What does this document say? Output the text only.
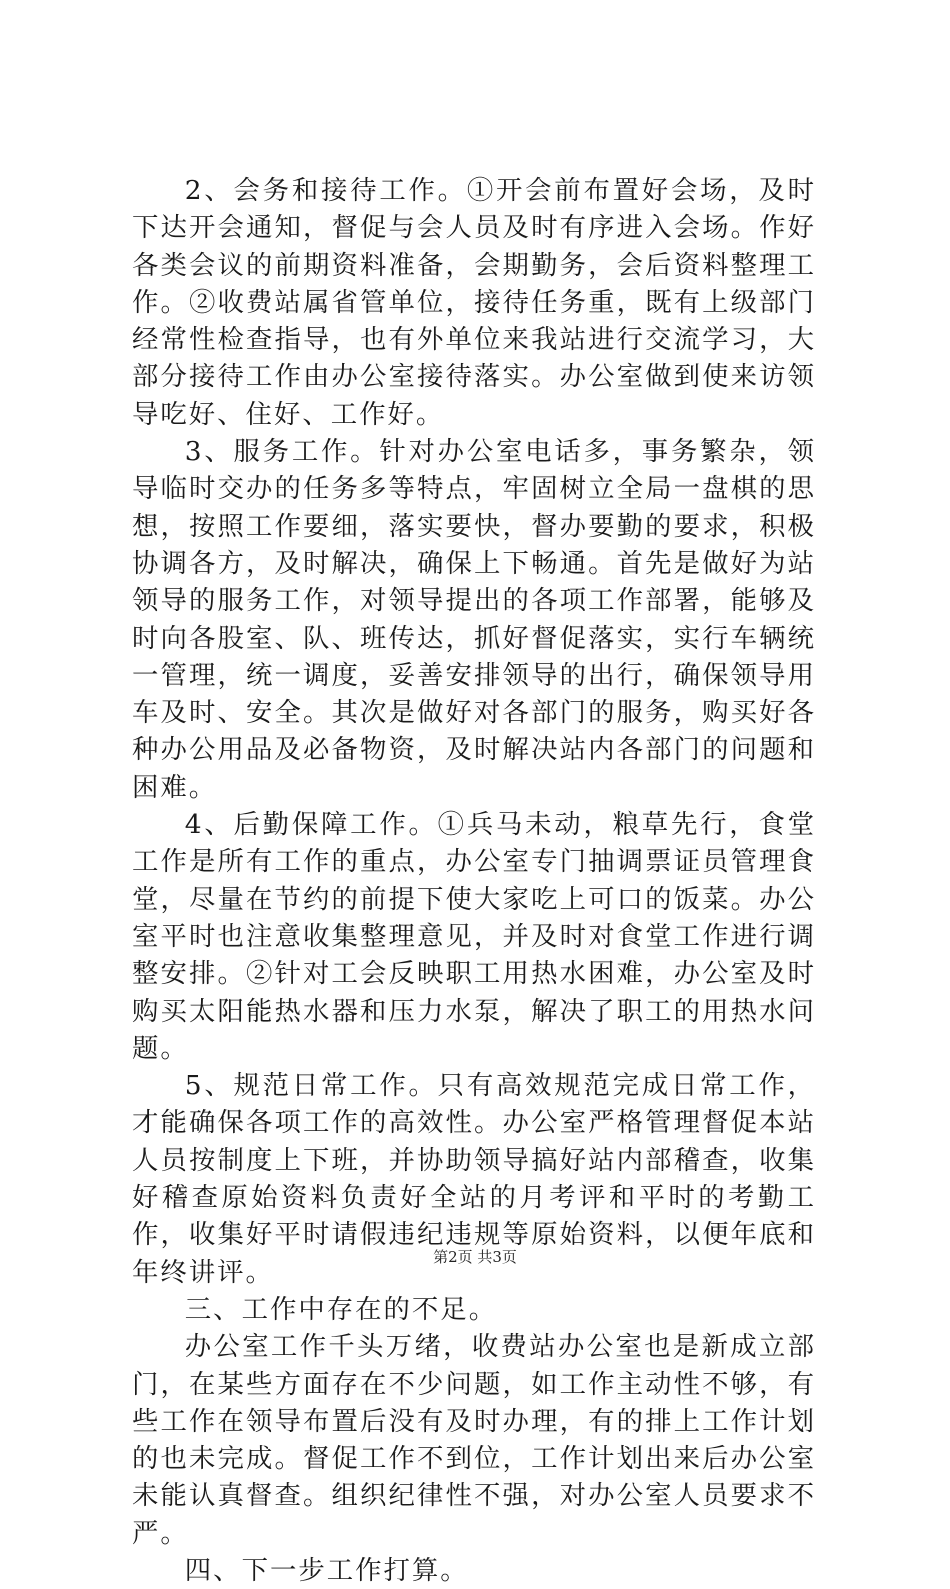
2、会务和接待工作。①开会前布置好会场，及时下达开会通知，督促与会人员及时有序进入会场。作好各类会议的前期资料准备，会期勤务，会后资料整理工作。②收费站属省管单位，接待任务重，既有上级部门经常性检查指导，也有外单位来我站进行交流学习，大部分接待工作由办公室接待落实。办公室做到使来访领导吃好、住好、工作好。

3、服务工作。针对办公室电话多，事务繁杂，领导临时交办的任务多等特点，牢固树立全局一盘棋的思想，按照工作要细，落实要快，督办要勤的要求，积极协调各方，及时解决，确保上下畅通。首先是做好为站领导的服务工作，对领导提出的各项工作部署，能够及时向各股室、队、班传达，抓好督促落实，实行车辆统一管理，统一调度，妥善安排领导的出行，确保领导用车及时、安全。其次是做好对各部门的服务，购买好各种办公用品及必备物资，及时解决站内各部门的问题和困难。

4、后勤保障工作。①兵马未动，粮草先行，食堂工作是所有工作的重点，办公室专门抽调票证员管理食堂，尽量在节约的前提下使大家吃上可口的饭菜。办公室平时也注意收集整理意见，并及时对食堂工作进行调整安排。②针对工会反映职工用热水困难，办公室及时购买太阳能热水器和压力水泵，解决了职工的用热水问题。

5、规范日常工作。只有高效规范完成日常工作，才能确保各项工作的高效性。办公室严格管理督促本站人员按制度上下班，并协助领导搞好站内部稽查，收集好稽查原始资料负责好全站的月考评和平时的考勤工作，收集好平时请假违纪违规等原始资料，以便年底和年终讲评。

三、工作中存在的不足。

办公室工作千头万绪，收费站办公室也是新成立部门，在某些方面存在不少问题，如工作主动性不够，有些工作在领导布置后没有及时办理，有的排上工作计划的也未完成。督促工作不到位，工作计划出来后办公室未能认真督查。组织纪律性不强，对办公室人员要求不严。

四、下一步工作打算。

第2页 共3页
